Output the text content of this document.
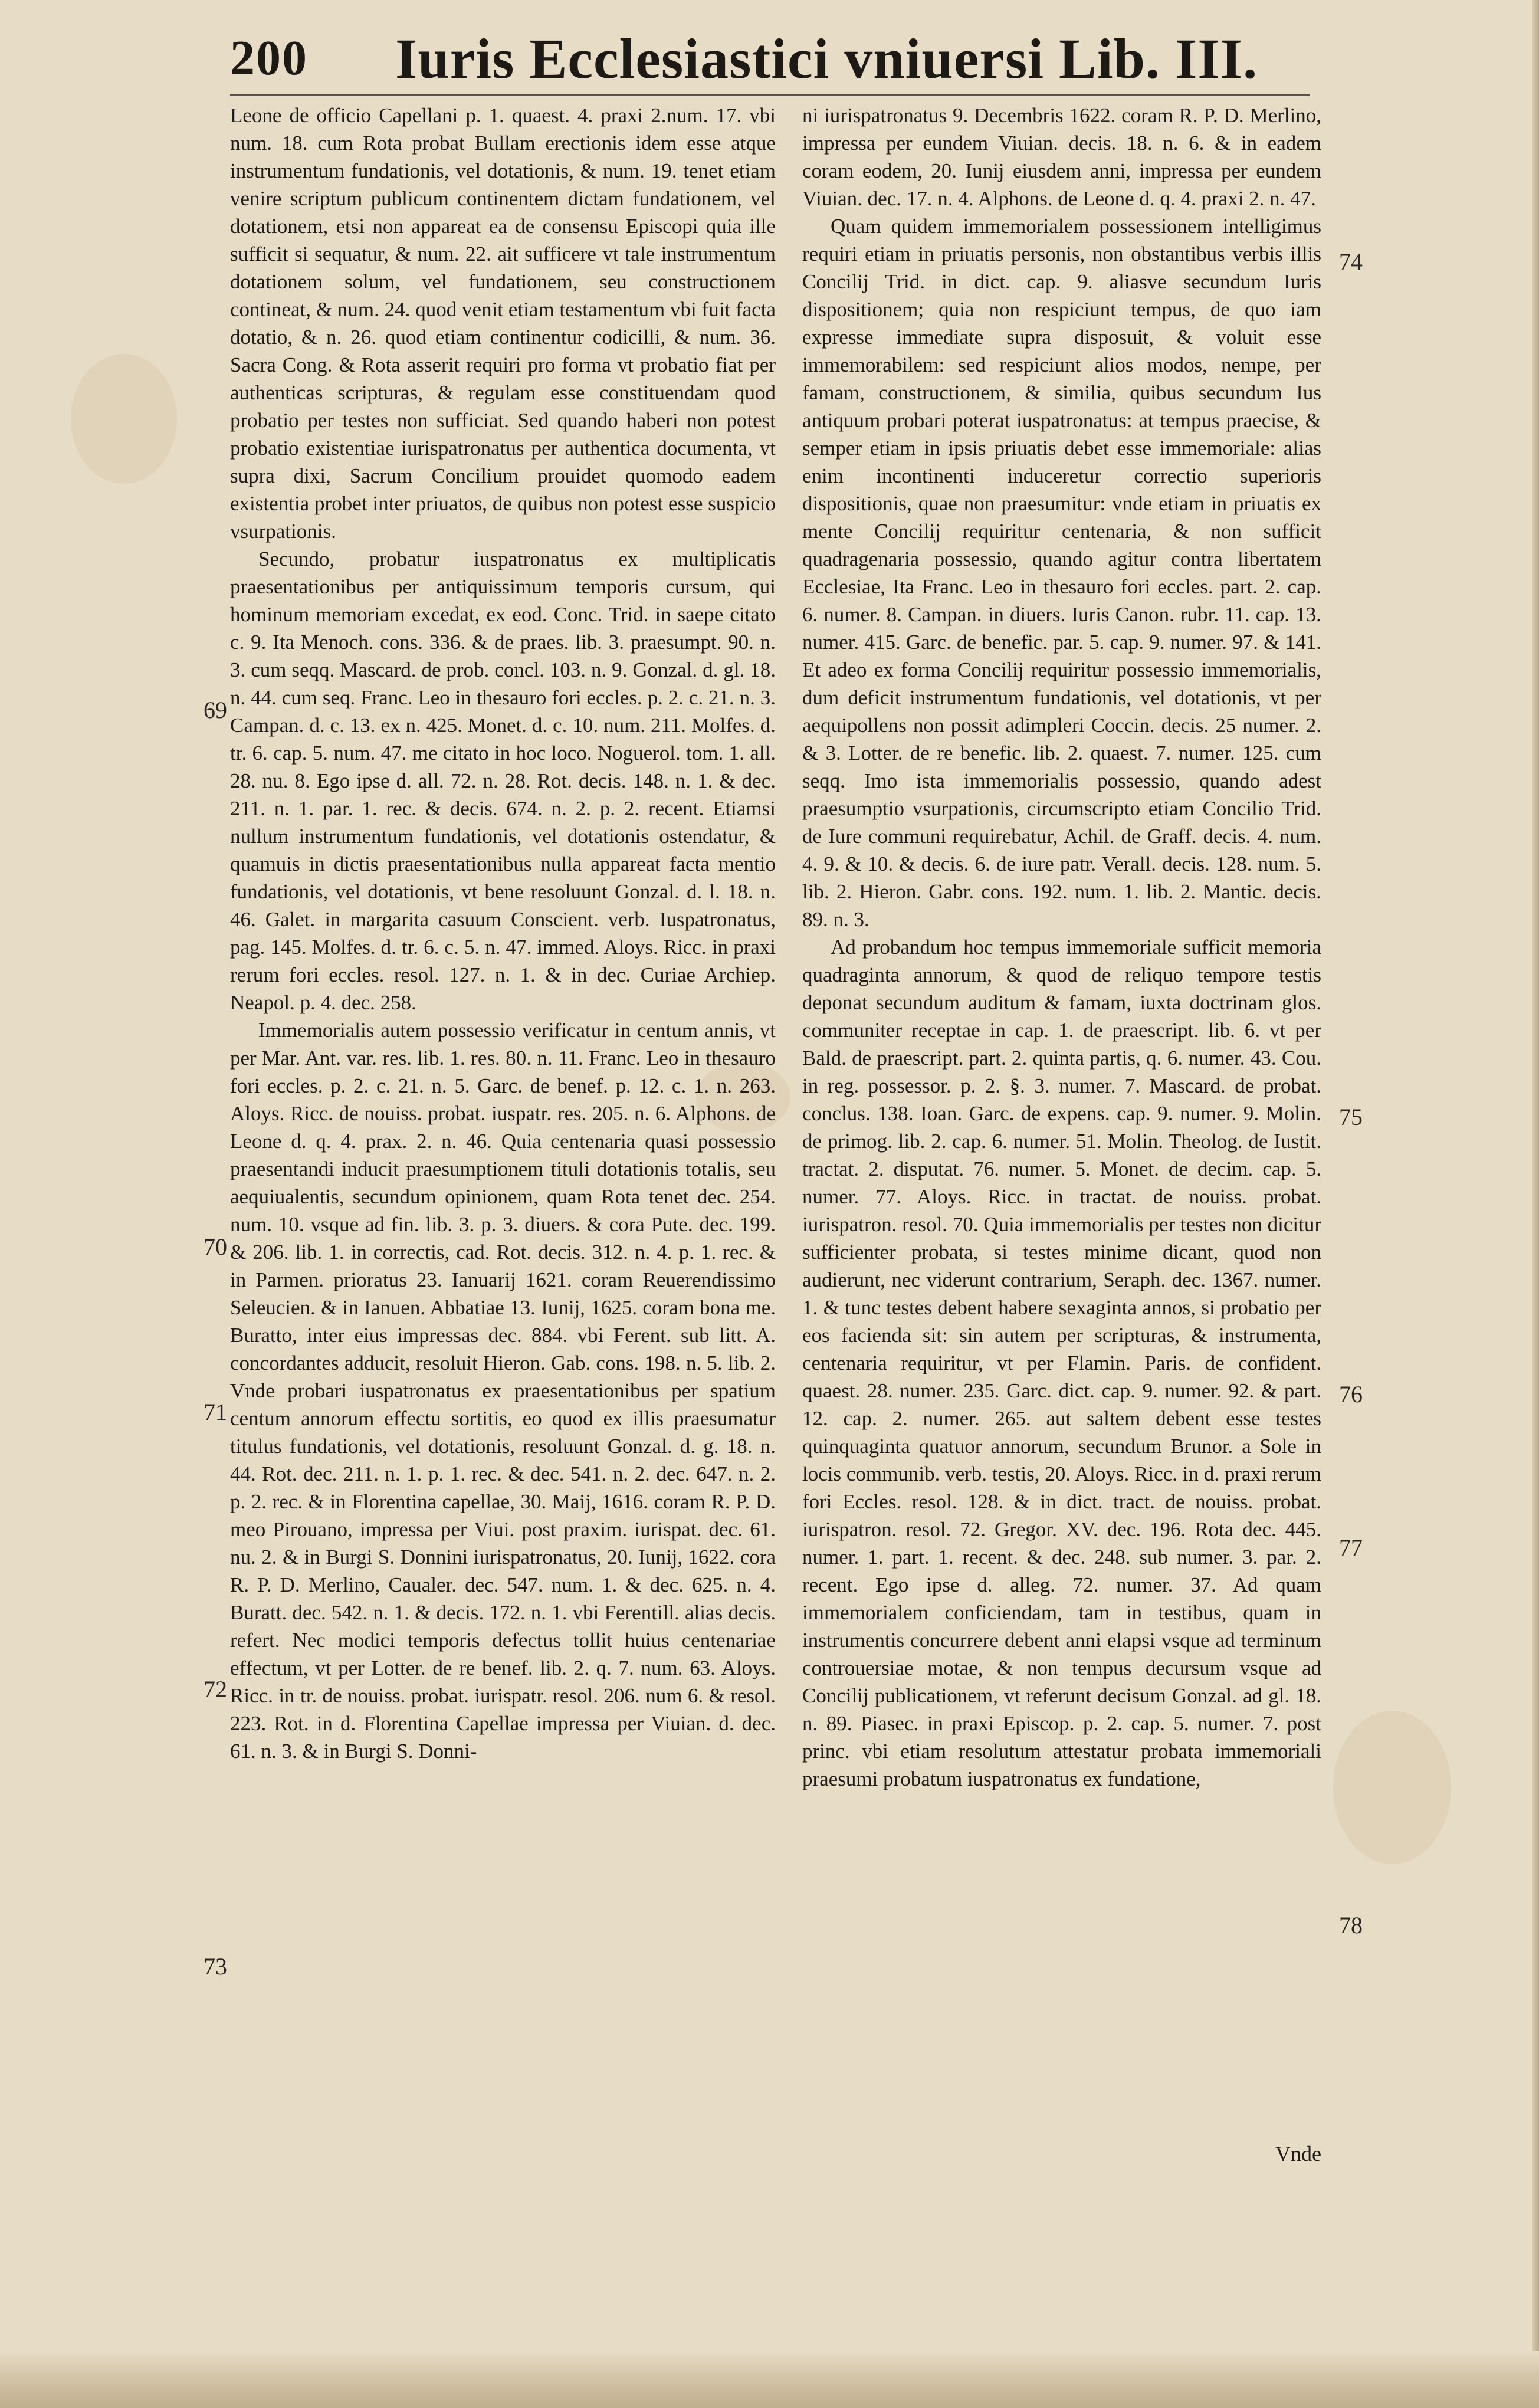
200 Iuris Ecclesiastici vniuersi Lib. III.

Leone de officio Capellani p. 1. quaest. 4. praxi 2.num. 17. vbi num. 18. cum Rota probat Bullam erectionis idem esse atque instrumentum fundationis, vel dotationis, & num. 19. tenet etiam venire scriptum publicum continentem dictam fundationem, vel dotationem, etsi non appareat ea de consensu Episcopi quia ille sufficit si sequatur, & num. 22. ait sufficere vt tale instrumentum dotationem solum, vel fundationem, seu constructionem contineat, & num. 24. quod venit etiam testamentum vbi fuit facta dotatio, & n. 26. quod etiam continentur codicilli, & num. 36. Sacra Cong. & Rota asserit requiri pro forma vt probatio fiat per authenticas scripturas, & regulam esse constituendam quod probatio per testes non sufficiat. Sed quando haberi non potest probatio existentiae iurispatronatus per authentica documenta, vt supra dixi, Sacrum Concilium prouidet quomodo eadem existentia probet inter priuatos, de quibus non potest esse suspicio vsurpationis.

Secundo, probatur iuspatronatus ex multiplicatis praesentationibus per antiquissimum temporis cursum, qui hominum memoriam excedat, ex eod. Conc. Trid. in saepe citato c. 9. Ita Menoch. cons. 336. & de praes. lib. 3. praesumpt. 90. n. 3. cum seqq. Mascard. de prob. concl. 103. n. 9. Gonzal. d. gl. 18. n. 44. cum seq. Franc. Leo in thesauro fori eccles. p. 2. c. 21. n. 3. Campan. d. c. 13. ex n. 425. Monet. d. c. 10. num. 211. Molfes. d. tr. 6. cap. 5. num. 47. me citato in hoc loco. Noguerol. tom. 1. all. 28. nu. 8. Ego ipse d. all. 72. n. 28. Rot. decis. 148. n. 1. & dec. 211. n. 1. par. 1. rec. & decis. 674. n. 2. p. 2. recent. Etiamsi nullum instrumentum fundationis, vel dotationis ostendatur, & quamuis in dictis praesentationibus nulla appareat facta mentio fundationis, vel dotationis, vt bene resoluunt Gonzal. d. l. 18. n. 46. Galet. in margarita casuum Conscient. verb. Iuspatronatus, pag. 145. Molfes. d. tr. 6. c. 5. n. 47. immed. Aloys. Ricc. in praxi rerum fori eccles. resol. 127. n. 1. & in dec. Curiae Archiep. Neapol. p. 4. dec. 258.

Immemorialis autem possessio verificatur in centum annis, vt per Mar. Ant. var. res. lib. 1. res. 80. n. 11. Franc. Leo in thesauro fori eccles. p. 2. c. 21. n. 5. Garc. de benef. p. 12. c. 1. n. 263. Aloys. Ricc. de nouiss. probat. iuspatr. res. 205. n. 6. Alphons. de Leone d. q. 4. prax. 2. n. 46. Quia centenaria quasi possessio praesentandi inducit praesumptionem tituli dotationis totalis, seu aequiualentis, secundum opinionem, quam Rota tenet dec. 254. num. 10. vsque ad fin. lib. 3. p. 3. diuers. & cora Pute. dec. 199. & 206. lib. 1. in correctis, cad. Rot. decis. 312. n. 4. p. 1. rec. & in Parmen. prioratus 23. Ianuarij 1621. coram Reuerendissimo Seleucien. & in Ianuen. Abbatiae 13. Iunij, 1625. coram bona me. Buratto, inter eius impressas dec. 884. vbi Ferent. sub litt. A. concordantes adducit, resoluit Hieron. Gab. cons. 198. n. 5. lib. 2. Vnde probari iuspatronatus ex praesentationibus per spatium centum annorum effectu sortitis, eo quod ex illis praesumatur titulus fundationis, vel dotationis, resoluunt Gonzal. d. g. 18. n. 44. Rot. dec. 211. n. 1. p. 1. rec. & dec. 541. n. 2. dec. 647. n. 2. p. 2. rec. & in Florentina capellae, 30. Maij, 1616. coram R. P. D. meo Pirouano, impressa per Viui. post praxim. iurispat. dec. 61. nu. 2. & in Burgi S. Donnini iurispatronatus, 20. Iunij, 1622. cora R. P. D. Merlino, Caualer. dec. 547. num. 1. & dec. 625. n. 4. Buratt. dec. 542. n. 1. & decis. 172. n. 1. vbi Ferentill. alias decis. refert. Nec modici temporis defectus tollit huius centenariae effectum, vt per Lotter. de re benef. lib. 2. q. 7. num. 63. Aloys. Ricc. in tr. de nouiss. probat. iurispatr. resol. 206. num 6. & resol. 223. Rot. in d. Florentina Capellae impressa per Viuian. d. dec. 61. n. 3. & in Burgi S. Donni-

ni iurispatronatus 9. Decembris 1622. coram R. P. D. Merlino, impressa per eundem Viuian. decis. 18. n. 6. & in eadem coram eodem, 20. Iunij eiusdem anni, impressa per eundem Viuian. dec. 17. n. 4. Alphons. de Leone d. q. 4. praxi 2. n. 47.

Quam quidem immemorialem possessionem intelligimus requiri etiam in priuatis personis, non obstantibus verbis illis Concilij Trid. in dict. cap. 9. aliasve secundum Iuris dispositionem; quia non respiciunt tempus, de quo iam expresse immediate supra disposuit, & voluit esse immemorabilem: sed respiciunt alios modos, nempe, per famam, constructionem, & similia, quibus secundum Ius antiquum probari poterat iuspatronatus: at tempus praecise, & semper etiam in ipsis priuatis debet esse immemoriale: alias enim incontinenti induceretur correctio superioris dispositionis, quae non praesumitur: vnde etiam in priuatis ex mente Concilij requiritur centenaria, & non sufficit quadragenaria possessio, quando agitur contra libertatem Ecclesiae, Ita Franc. Leo in thesauro fori eccles. part. 2. cap. 6. numer. 8. Campan. in diuers. Iuris Canon. rubr. 11. cap. 13. numer. 415. Garc. de benefic. par. 5. cap. 9. numer. 97. & 141. Et adeo ex forma Concilij requiritur possessio immemorialis, dum deficit instrumentum fundationis, vel dotationis, vt per aequipollens non possit adimpleri Coccin. decis. 25 numer. 2. & 3. Lotter. de re benefic. lib. 2. quaest. 7. numer. 125. cum seqq. Imo ista immemorialis possessio, quando adest praesumptio vsurpationis, circumscripto etiam Concilio Trid. de Iure communi requirebatur, Achil. de Graff. decis. 4. num. 4. 9. & 10. & decis. 6. de iure patr. Verall. decis. 128. num. 5. lib. 2. Hieron. Gabr. cons. 192. num. 1. lib. 2. Mantic. decis. 89. n. 3.

Ad probandum hoc tempus immemoriale sufficit memoria quadraginta annorum, & quod de reliquo tempore testis deponat secundum auditum & famam, iuxta doctrinam glos. communiter receptae in cap. 1. de praescript. lib. 6. vt per Bald. de praescript. part. 2. quinta partis, q. 6. numer. 43. Cou. in reg. possessor. p. 2. §. 3. numer. 7. Mascard. de probat. conclus. 138. Ioan. Garc. de expens. cap. 9. numer. 9. Molin. de primog. lib. 2. cap. 6. numer. 51. Molin. Theolog. de Iustit. tractat. 2. disputat. 76. numer. 5. Monet. de decim. cap. 5. numer. 77. Aloys. Ricc. in tractat. de nouiss. probat. iurispatron. resol. 70. Quia immemorialis per testes non dicitur sufficienter probata, si testes minime dicant, quod non audierunt, nec viderunt contrarium, Seraph. dec. 1367. numer. 1. & tunc testes debent habere sexaginta annos, si probatio per eos facienda sit: sin autem per scripturas, & instrumenta, centenaria requiritur, vt per Flamin. Paris. de confident. quaest. 28. numer. 235. Garc. dict. cap. 9. numer. 92. & part. 12. cap. 2. numer. 265. aut saltem debent esse testes quinquaginta quatuor annorum, secundum Brunor. a Sole in locis communib. verb. testis, 20. Aloys. Ricc. in d. praxi rerum fori Eccles. resol. 128. & in dict. tract. de nouiss. probat. iurispatron. resol. 72. Gregor. XV. dec. 196. Rota dec. 445. numer. 1. part. 1. recent. & dec. 248. sub numer. 3. par. 2. recent. Ego ipse d. alleg. 72. numer. 37. Ad quam immemorialem conficiendam, tam in testibus, quam in instrumentis concurrere debent anni elapsi vsque ad terminum controuersiae motae, & non tempus decursum vsque ad Concilij publicationem, vt referunt decisum Gonzal. ad gl. 18. n. 89. Piasec. in praxi Episcop. p. 2. cap. 5. numer. 7. post princ. vbi etiam resolutum attestatur probata immemoriali praesumi probatum iuspatronatus ex fundatione,

Vnde
69
70
71
72
73
74
75
76
77
78
